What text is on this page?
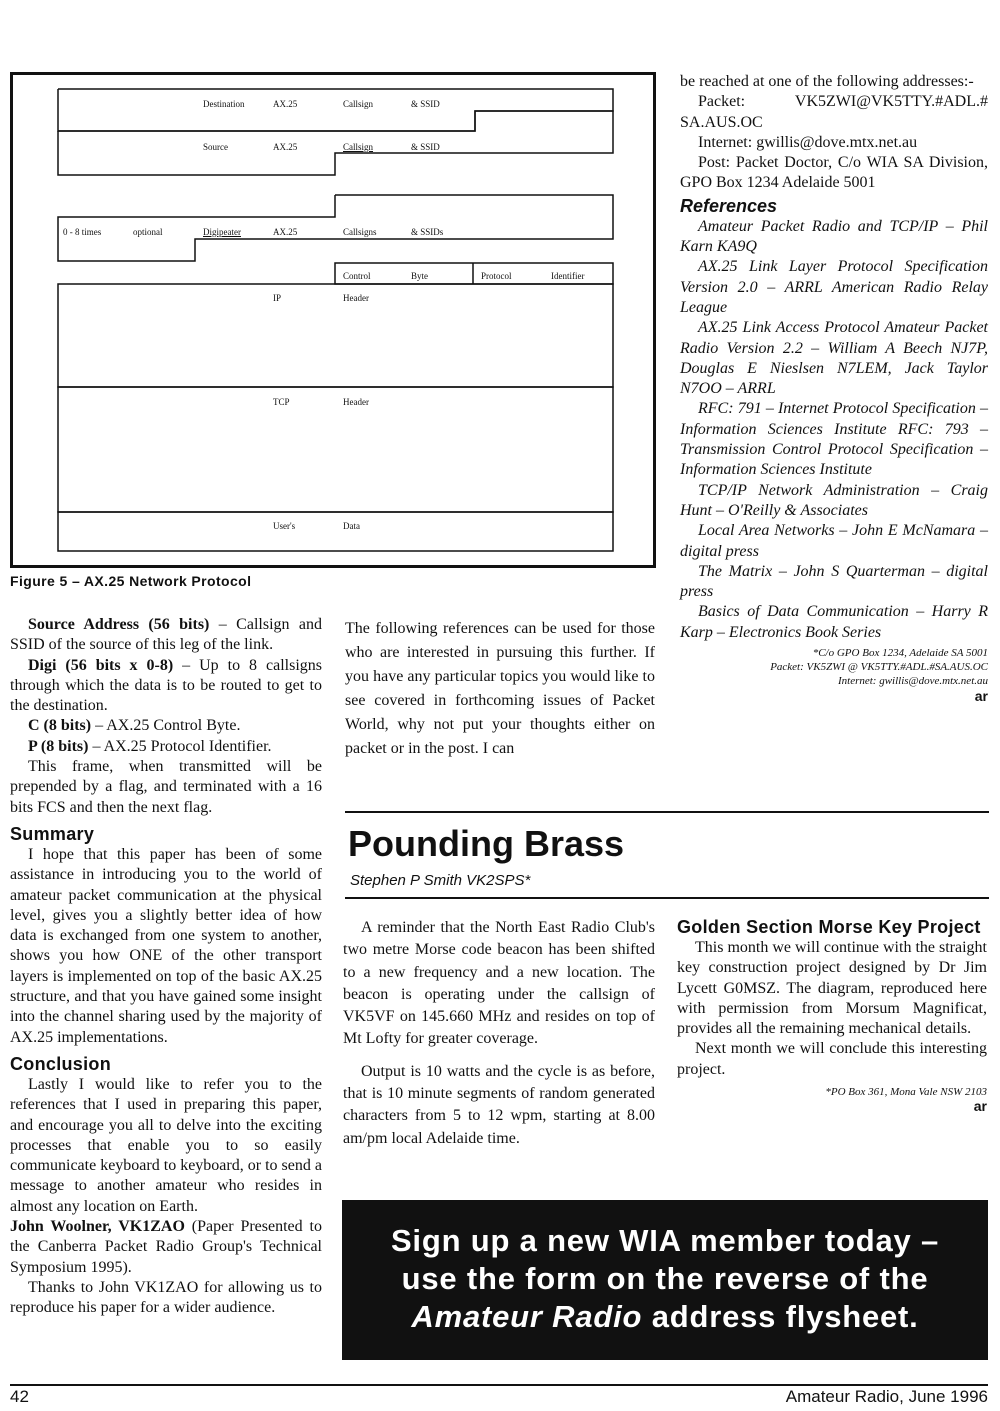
Destination	AX.25	Callsign	& SSID
Source	AX.25	Callsign	& SSID
0 - 8 times	optional	Digipeater	AX.25	Callsigns	& SSIDs
Control	Byte	Protocol	Identifier
IP	Header
TCP	Header
User's	Data
Figure 5 – AX.25 Network Protocol

Source Address (56 bits) – Callsign and SSID of the source of this leg of the link.

Digi (56 bits x 0-8) – Up to 8 callsigns through which the data is to be routed to get to the destination.

C (8 bits) – AX.25 Control Byte.

P (8 bits) – AX.25 Protocol Identifier.

This frame, when transmitted will be prepended by a flag, and terminated with a 16 bits FCS and then the next flag.

Summary

I hope that this paper has been of some assistance in introducing you to the world of amateur packet communication at the physical level, gives you a slightly better idea of how data is exchanged from one system to another, shows you how ONE of the other transport layers is implemented on top of the basic AX.25 structure, and that you have gained some insight into the channel sharing used by the majority of AX.25 implementations.

Conclusion

Lastly I would like to refer you to the references that I used in preparing this paper, and encourage you all to delve into the exciting processes that enable you to so easily communicate keyboard to keyboard, or to send a message to another amateur who resides in almost any location on Earth.

John Woolner, VK1ZAO (Paper Presented to the Canberra Packet Radio Group's Technical Symposium 1995).

Thanks to John VK1ZAO for allowing us to reproduce his paper for a wider audience.

The following references can be used for those who are interested in pursuing this further. If you have any particular topics you would like to see covered in forthcoming issues of Packet World, why not put your thoughts either on packet or in the post. I can

be reached at one of the following addresses:-

Packet: VK5ZWI@VK5TTY.#ADL.# SA.AUS.OC

Internet: gwillis@dove.mtx.net.au

Post: Packet Doctor, C/o WIA SA Division, GPO Box 1234 Adelaide 5001

References

Amateur Packet Radio and TCP/IP – Phil Karn KA9Q

AX.25 Link Layer Protocol Specification Version 2.0 – ARRL American Radio Relay League

AX.25 Link Access Protocol Amateur Packet Radio Version 2.2 – William A Beech NJ7P, Douglas E Nieslsen N7LEM, Jack Taylor N7OO – ARRL

RFC: 791 – Internet Protocol Specification – Information Sciences Institute RFC: 793 – Transmission Control Protocol Specification – Information Sciences Institute

TCP/IP Network Administration – Craig Hunt – O'Reilly & Associates

Local Area Networks – John E McNamara – digital press

The Matrix – John S Quarterman – digital press

Basics of Data Communication – Harry R Karp – Electronics Book Series

*C/o GPO Box 1234, Adelaide SA 5001
Packet: VK5ZWI @ VK5TTY.#ADL.#SA.AUS.OC
Internet: gwillis@dove.mtx.net.au
ar
Pounding Brass
Stephen P Smith VK2SPS*

A reminder that the North East Radio Club's two metre Morse code beacon has been shifted to a new frequency and a new location. The beacon is operating under the callsign of VK5VF on 145.660 MHz and resides on top of Mt Lofty for greater coverage.

Output is 10 watts and the cycle is as before, that is 10 minute segments of random generated characters from 5 to 12 wpm, starting at 8.00 am/pm local Adelaide time.

Golden Section Morse Key Project

This month we will continue with the straight key construction project designed by Dr Jim Lycett G0MSZ. The diagram, reproduced here with permission from Morsum Magnificat, provides all the remaining mechanical details.

Next month we will conclude this interesting project.

*PO Box 361, Mona Vale NSW 2103
ar
Sign up a new WIA member today –
use the form on the reverse of the
Amateur Radio address flysheet.
42	Amateur Radio, June 1996
